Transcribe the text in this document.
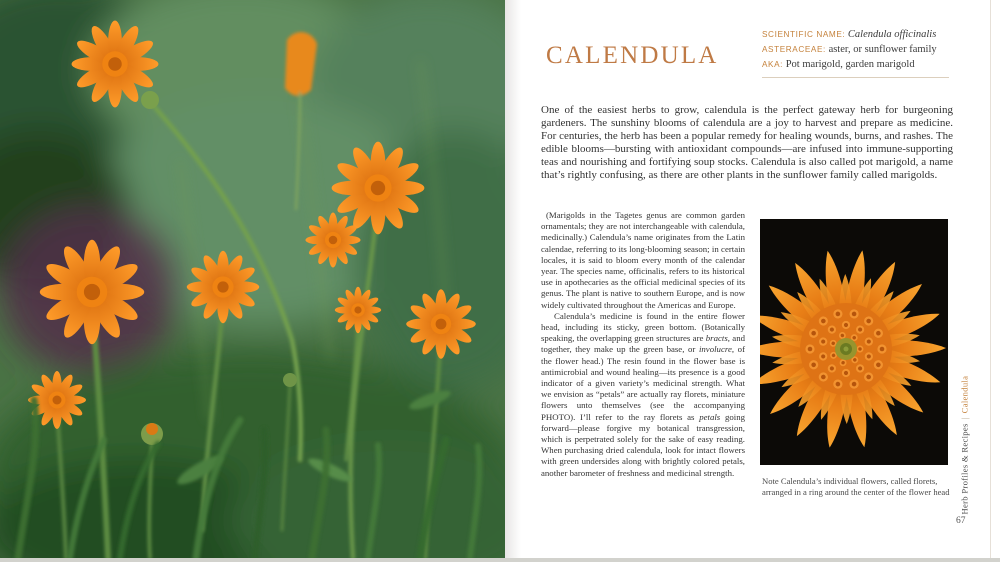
CALENDULA
SCIENTIFIC NAME: Calendula officinalis
ASTERACEAE: aster, or sunflower family
AKA: Pot marigold, garden marigold

One of the easiest herbs to grow, calendula is the perfect gateway herb for burgeoning gardeners. The sunshiny blooms of calendula are a joy to harvest and prepare as medicine. For centuries, the herb has been a popular remedy for healing wounds, burns, and rashes. The edible blooms—bursting with antioxidant compounds—are infused into immune-supporting teas and nourishing and fortifying soup stocks. Calendula is also called pot marigold, a name that’s rightly confusing, as there are other plants in the sunflower family called marigolds.

(Marigolds in the Tagetes genus are common garden ornamentals; they are not interchangeable with calendula, medicinally.) Calendula’s name originates from the Latin calendae, referring to its long-blooming season; in certain locales, it is said to bloom every month of the calendar year. The species name, officinalis, refers to its historical use in apothecaries as the official medicinal species of its genus. The plant is native to southern Europe, and is now widely cultivated throughout the Americas and Europe.

Calendula’s medicine is found in the entire flower head, including its sticky, green bottom. (Botanically speaking, the overlapping green structures are bracts, and together, they make up the green base, or involucre, of the flower head.) The resin found in the flower base is antimicrobial and wound healing—its presence is a good indicator of a given variety’s medicinal strength. What we envision as “petals” are actually ray florets, miniature flowers unto themselves (see the accompanying PHOTO). I’ll refer to the ray florets as petals going forward—please forgive my botanical transgression, which is perpetrated solely for the sake of easy reading. When purchasing dried calendula, look for intact flowers with green undersides along with brightly colored petals, another barometer of freshness and medicinal strength.

Note Calendula’s individual flowers, called florets, arranged in a ring around the center of the flower head	Herb Profiles & Recipes|Calendula
67
